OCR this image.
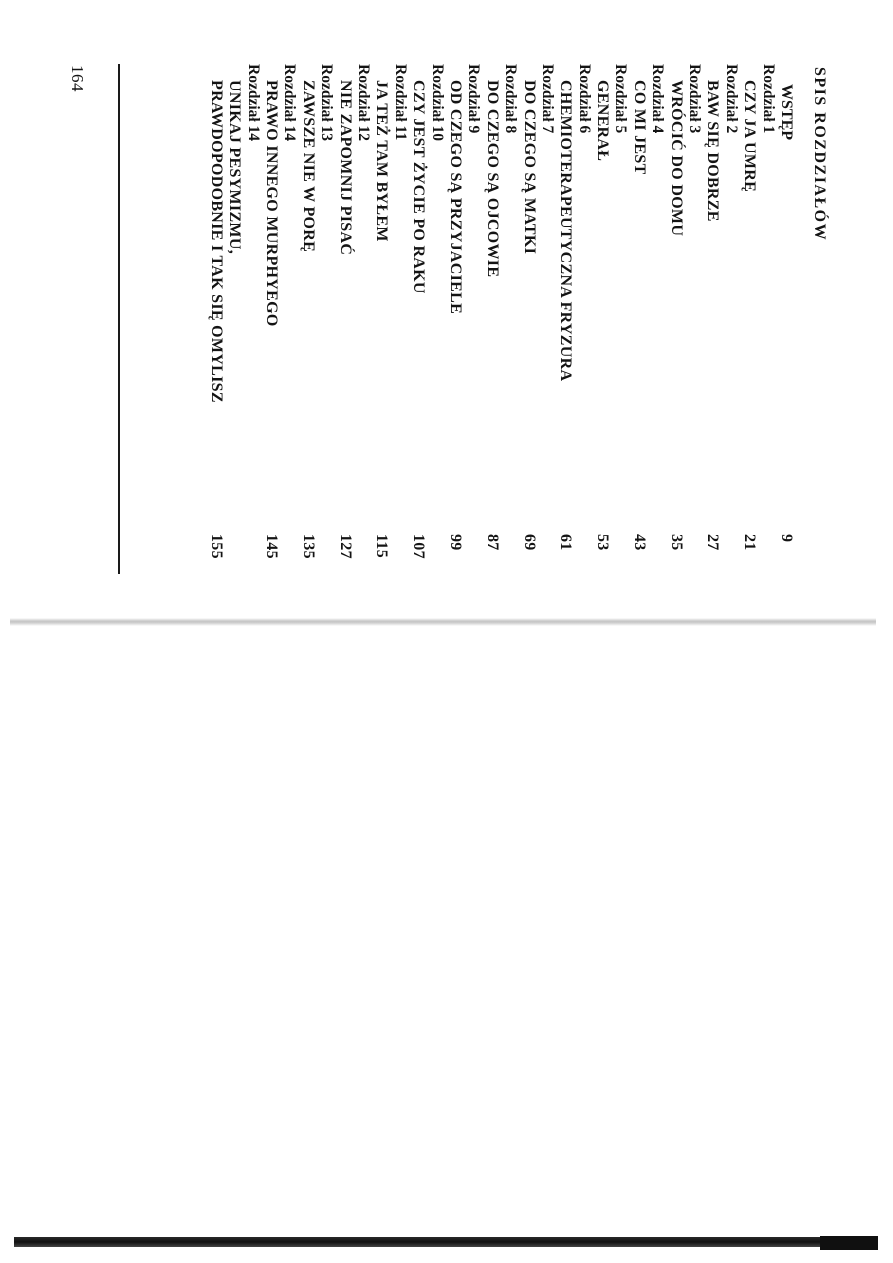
164	SPIS ROZDZIAŁÓW
WSTĘP
9
Rozdział 1
CZY JA UMRĘ
21
Rozdział 2
BAW SIĘ DOBRZE
27
Rozdział 3
WRÓCIĆ DO DOMU
35
Rozdział 4
CO MI JEST
43
Rozdział 5
GENERAŁ
53
Rozdział 6
CHEMIOTERAPEUTYCZNA FRYZURA
61
Rozdział 7
DO CZEGO SĄ MATKI
69
Rozdział 8
DO CZEGO SĄ OJCOWIE
87
Rozdział 9
OD CZEGO SĄ PRZYJACIELE
99
Rozdział 10
CZY JEST ŻYCIE PO RAKU
107
Rozdział 11
JA TEŻ TAM BYŁEM
115
Rozdział 12
NIE ZAPOMNIJ PISAĆ
127
Rozdział 13
ZAWSZE NIE W PORĘ
135
Rozdział 14
PRAWO INNEGO MURPHYEGO
145
Rozdział 14
UNIKAJ PESYMIZMU,
PRAWDOPODOBNIE I TAK SIĘ OMYLISZ
155
